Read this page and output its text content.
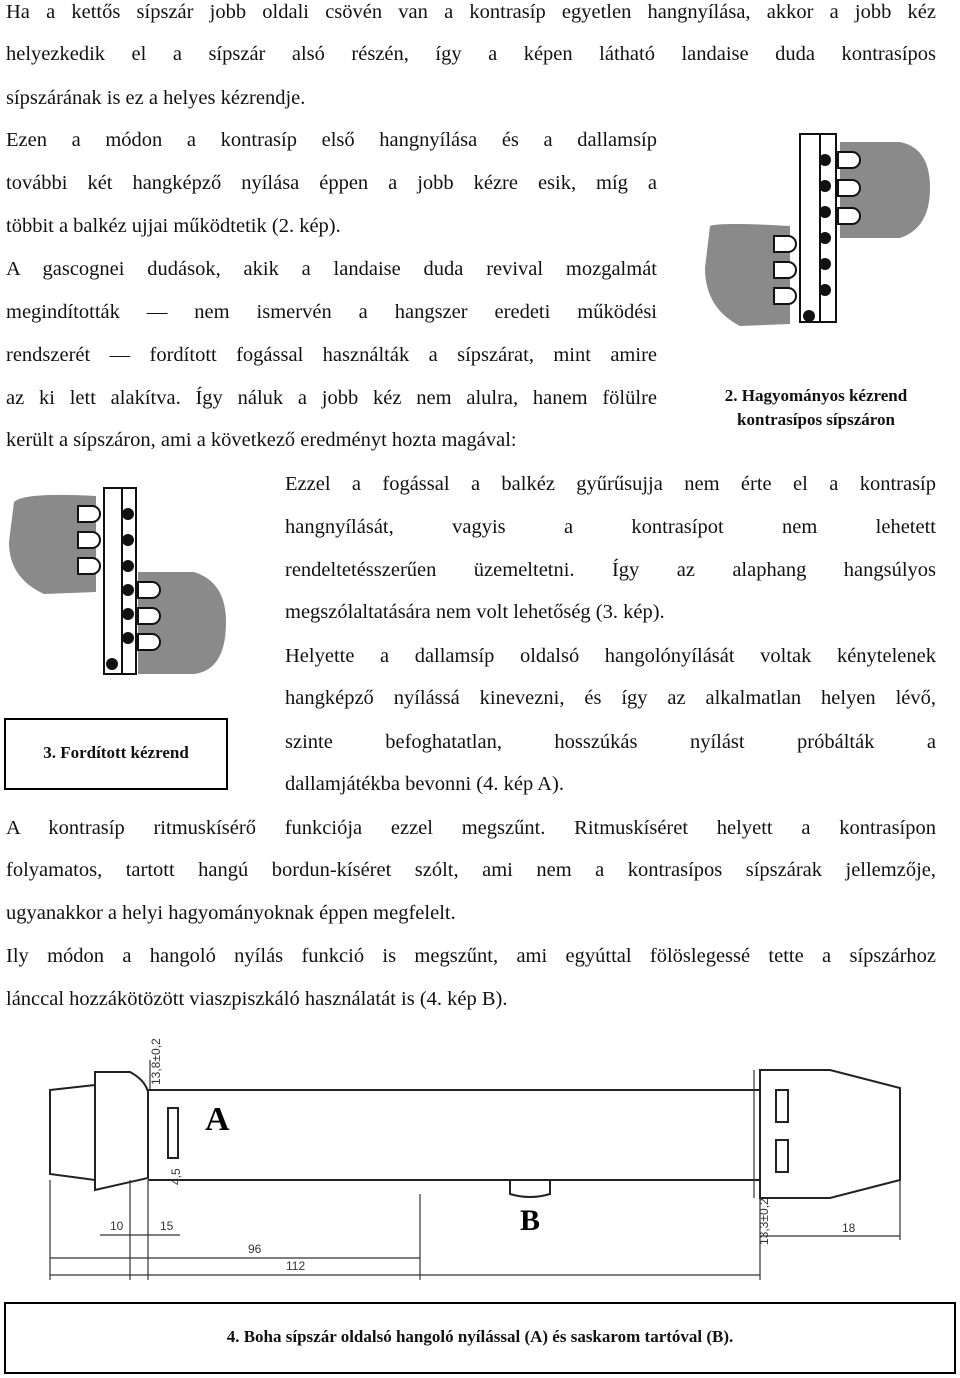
Ha a kettős sípszár jobb oldali csövén van a kontrasíp egyetlen hangnyílása, akkor a jobb kéz
helyezkedik el a sípszár alsó részén, így a képen látható landaise duda kontrasípos
sípszárának is ez a helyes kézrendje.
Ezen a módon a kontrasíp első hangnyílása és a dallamsíp
további két hangképző nyílása éppen a jobb kézre esik, míg a
többit a balkéz ujjai működtetik (2. kép).
A gascognei dudások, akik a landaise duda revival mozgalmát
megindították — nem ismervén a hangszer eredeti működési
rendszerét — fordított fogással használták a sípszárat, mint amire
az ki lett alakítva. Így náluk a jobb kéz nem alulra, hanem fölülre
került a sípszáron, ami a következő eredményt hozta magával:
2. Hagyományos kézrend
kontrasípos sípszáron
3. Fordított kézrend
Ezzel a fogással a balkéz gyűrűsujja nem érte el a kontrasíp
hangnyílását, vagyis a kontrasípot nem lehetett
rendeltetésszerűen üzemeltetni. Így az alaphang hangsúlyos
megszólaltatására nem volt lehetőség (3. kép).
Helyette a dallamsíp oldalsó hangolónyílását voltak kénytelenek
hangképző nyílássá kinevezni, és így az alkalmatlan helyen lévő,
szinte befoghatatlan, hosszúkás nyílást próbálták a
dallamjátékba bevonni (4. kép A).
A kontrasíp ritmuskísérő funkciója ezzel megszűnt. Ritmuskíséret helyett a kontrasípon
folyamatos, tartott hangú bordun-kíséret szólt, ami nem a kontrasípos sípszárak jellemzője,
ugyanakkor a helyi hagyományoknak éppen megfelelt.
Ily módon a hangoló nyílás funkció is megszűnt, ami egyúttal fölöslegessé tette a sípszárhoz
lánccal hozzákötözött viaszpiszkáló használatát is (4. kép B).
A
B
13,8±0,2
4,5
10	15
96
112
13,3±0,2	18
4. Boha sípszár oldalsó hangoló nyílással (A) és saskarom tartóval (B).
